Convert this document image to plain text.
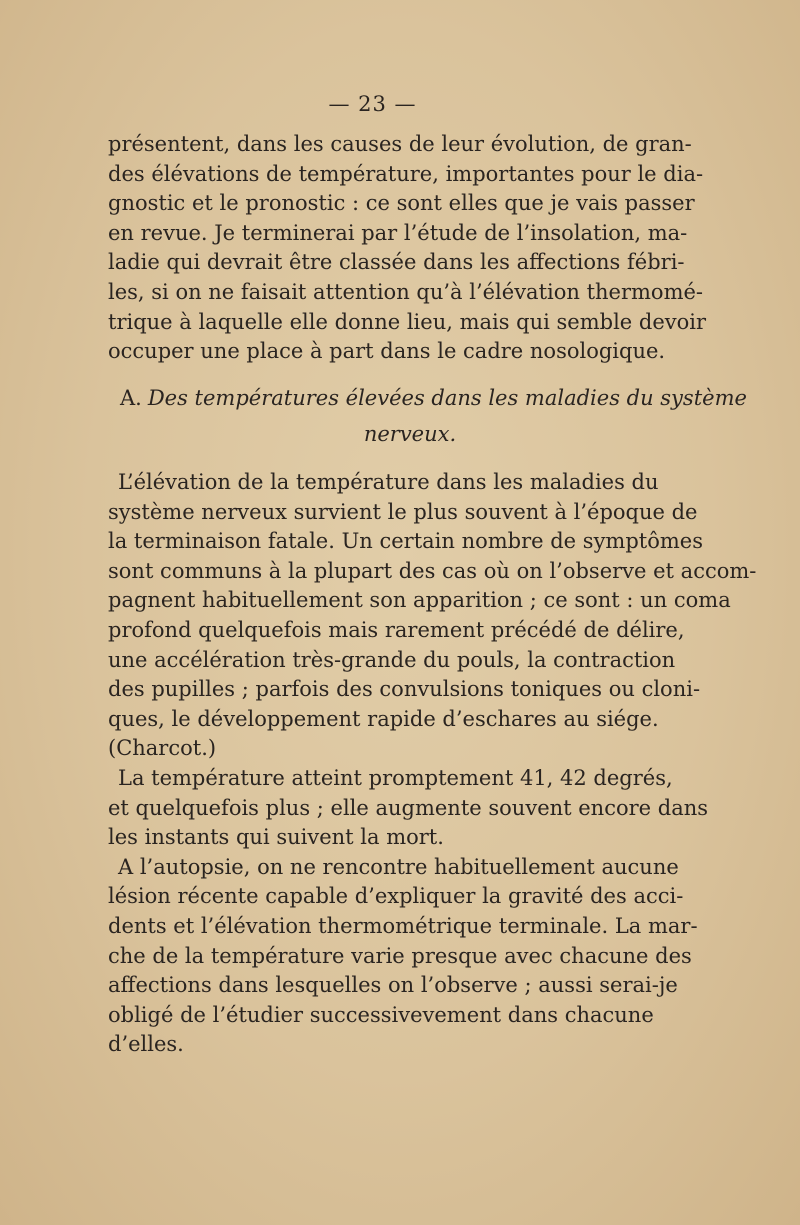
— 23 —
présentent, dans les causes de leur évolution, de gran-
des élévations de température, importantes pour le dia-
gnostic et le pronostic : ce sont elles que je vais passer
en revue. Je terminerai par l’étude de l’insolation, ma-
ladie qui devrait être classée dans les affections fébri-
les, si on ne faisait attention qu’à l’élévation thermomé-
trique à laquelle elle donne lieu, mais qui semble devoir
occuper une place à part dans le cadre nosologique.
A. Des températures élevées dans les maladies du système
nerveux.
L’élévation de la température dans les maladies du
système nerveux survient le plus souvent à l’époque de
la terminaison fatale. Un certain nombre de symptômes
sont communs à la plupart des cas où on l’observe et accom-
pagnent habituellement son apparition ; ce sont : un coma
profond quelquefois mais rarement précédé de délire,
une accélération très-grande du pouls, la contraction
des pupilles ; parfois des convulsions toniques ou cloni-
ques, le développement rapide d’eschares au siége.
(Charcot.)
La température atteint promptement 41, 42 degrés,
et quelquefois plus ; elle augmente souvent encore dans
les instants qui suivent la mort.
A l’autopsie, on ne rencontre habituellement aucune
lésion récente capable d’expliquer la gravité des acci-
dents et l’élévation thermométrique terminale. La mar-
che de la température varie presque avec chacune des
affections dans lesquelles on l’observe ; aussi serai-je
obligé de l’étudier successivevement dans chacune
d’elles.
